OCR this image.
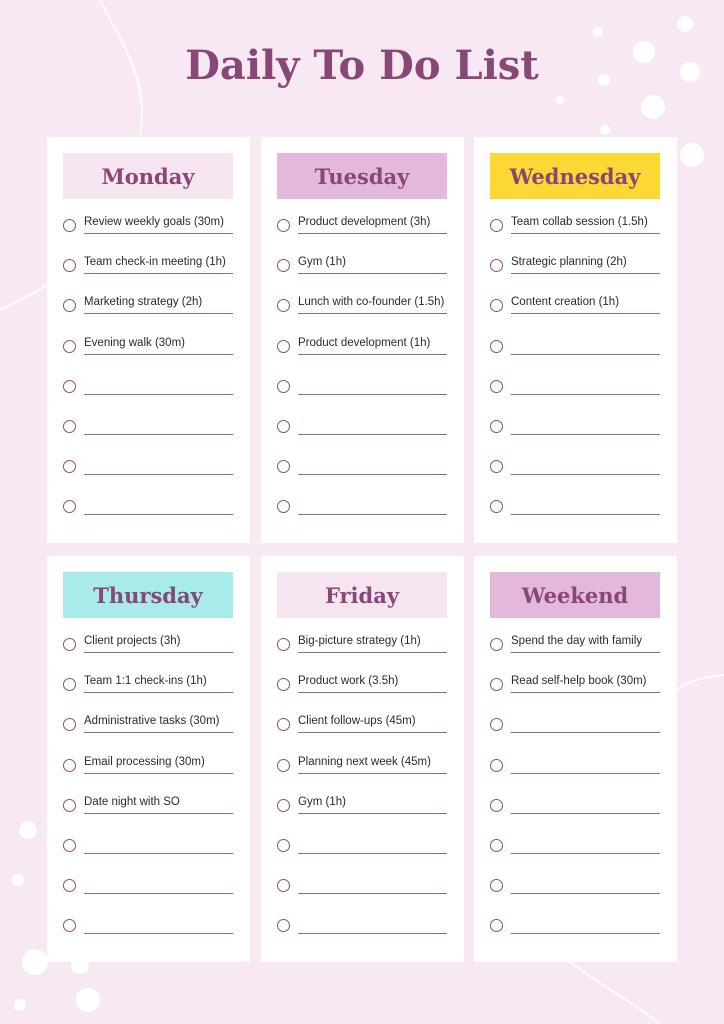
Daily To Do List
Monday
Review weekly goals (30m)
Team check-in meeting (1h)
Marketing strategy (2h)
Evening walk (30m)
Tuesday
Product development (3h)
Gym (1h)
Lunch with co-founder (1.5h)
Product development (1h)
Wednesday
Team collab session (1.5h)
Strategic planning (2h)
Content creation (1h)
Thursday
Client projects (3h)
Team 1:1 check-ins (1h)
Administrative tasks (30m)
Email processing (30m)
Date night with SO
Friday
Big-picture strategy (1h)
Product work (3.5h)
Client follow-ups (45m)
Planning next week (45m)
Gym (1h)
Weekend
Spend the day with family
Read self-help book (30m)
